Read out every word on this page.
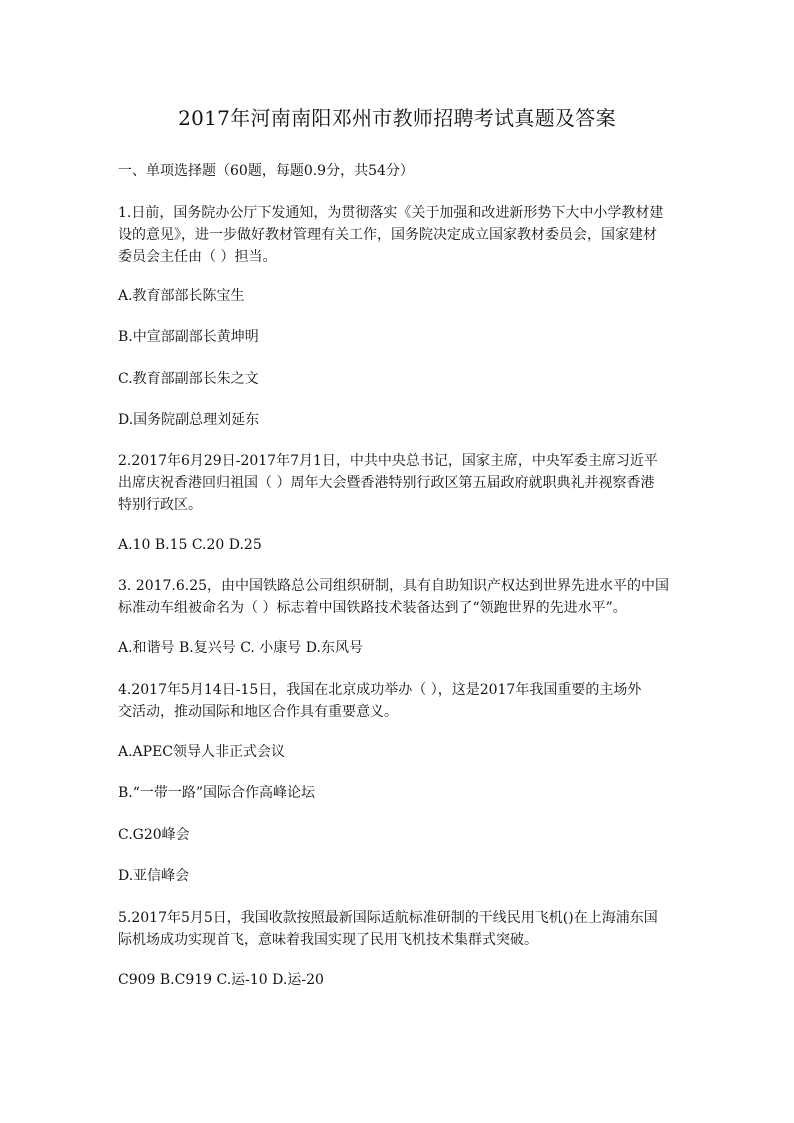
2017年河南南阳邓州市教师招聘考试真题及答案
一、单项选择题（60题，每题0.9分，共54分）
1.日前，国务院办公厅下发通知，为贯彻落实《关于加强和改进新形势下大中小学教材建
设的意见》，进一步做好教材管理有关工作，国务院决定成立国家教材委员会，国家建材
委员会主任由（ ）担当。
A.教育部部长陈宝生
B.中宣部副部长黄坤明
C.教育部副部长朱之文
D.国务院副总理刘延东
2.2017年6月29日-2017年7月1日，中共中央总书记，国家主席，中央军委主席习近平
出席庆祝香港回归祖国（ ）周年大会暨香港特别行政区第五届政府就职典礼并视察香港
特别行政区。
A.10 B.15 C.20 D.25
3. 2017.6.25，由中国铁路总公司组织研制，具有自助知识产权达到世界先进水平的中国
标准动车组被命名为（ ）标志着中国铁路技术装备达到了“领跑世界的先进水平”。
A.和谐号 B.复兴号 C. 小康号 D.东风号
4.2017年5月14日-15日，我国在北京成功举办（ ），这是2017年我国重要的主场外
交活动，推动国际和地区合作具有重要意义。
A.APEC领导人非正式会议
B.“一带一路”国际合作高峰论坛
C.G20峰会
D.亚信峰会
5.2017年5月5日，我国收款按照最新国际适航标准研制的干线民用飞机()在上海浦东国
际机场成功实现首飞，意味着我国实现了民用飞机技术集群式突破。
C909 B.C919 C.运-10 D.运-20
